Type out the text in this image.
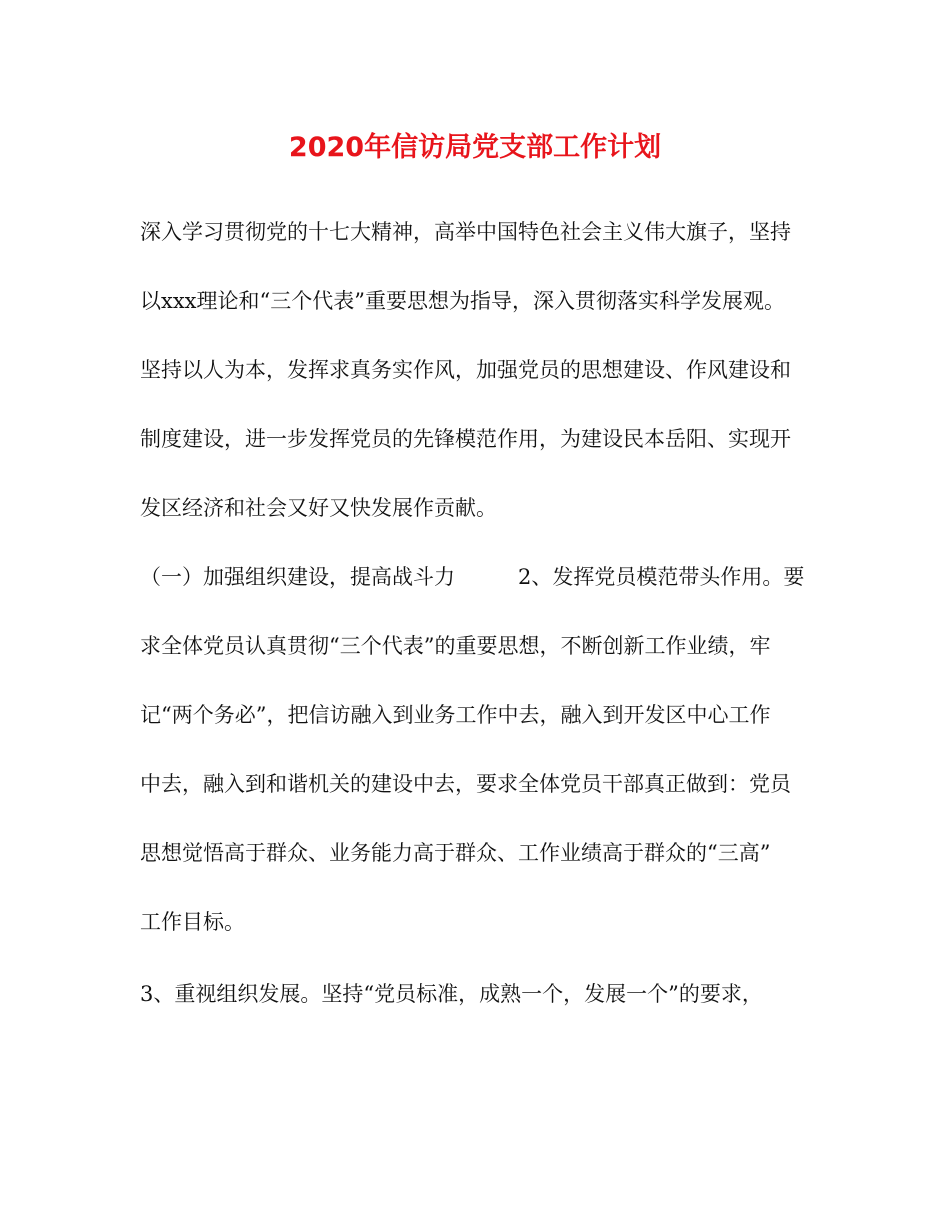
2020年信访局党支部工作计划
深入学习贯彻党的十七大精神，高举中国特色社会主义伟大旗子，坚持
以xxx理论和“三个代表”重要思想为指导，深入贯彻落实科学发展观。
坚持以人为本，发挥求真务实作风，加强党员的思想建设、作风建设和
制度建设，进一步发挥党员的先锋模范作用，为建设民本岳阳、实现开
发区经济和社会又好又快发展作贡献。
（一）加强组织建设，提高战斗力　　　2、发挥党员模范带头作用。要
求全体党员认真贯彻“三个代表”的重要思想，不断创新工作业绩，牢
记“两个务必”，把信访融入到业务工作中去，融入到开发区中心工作
中去，融入到和谐机关的建设中去，要求全体党员干部真正做到：党员
思想觉悟高于群众、业务能力高于群众、工作业绩高于群众的“三高”
工作目标。
3、重视组织发展。坚持“党员标准，成熟一个，发展一个”的要求，
